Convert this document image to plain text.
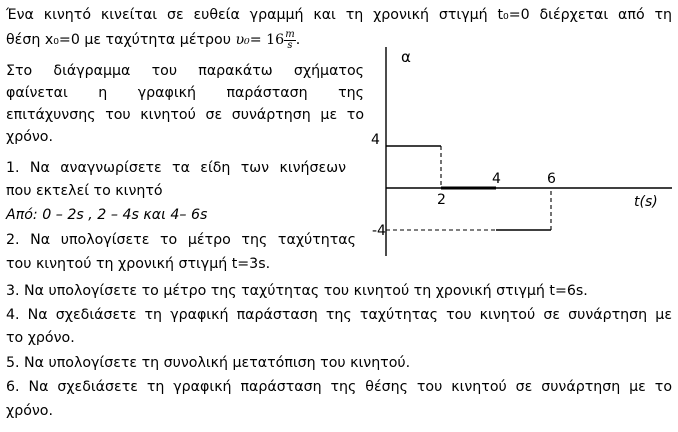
Ένα κινητό κινείται σε ευθεία γραμμή και τη χρονική στιγμή t₀=0 διέρχεται από τη
θέση x₀=0 με ταχύτητα μέτρου $\upsilon_0= 16 \frac{m}{s}$ .
Στο διάγραμμα του παρακάτω σχήματος
φαίνεται η γραφική παράσταση της
επιτάχυνσης του κινητού σε συνάρτηση με το
χρόνο.
1. Να αναγνωρίσετε τα είδη των κινήσεων
που εκτελεί το κινητό
Από: 0 – 2s , 2 – 4s και 4– 6s
2. Να υπολογίσετε το μέτρο της ταχύτητας
του κινητού τη χρονική στιγμή t=3s.
3. Να υπολογίσετε το μέτρο της ταχύτητας του κινητού τη χρονική στιγμή t=6s.
4. Να σχεδιάσετε τη γραφική παράσταση της ταχύτητας του κινητού σε συνάρτηση με
το χρόνο.
5. Να υπολογίσετε τη συνολική μετατόπιση του κινητού.
6. Να σχεδιάσετε τη γραφική παράσταση της θέσης του κινητού σε συνάρτηση με το
χρόνο.
α
t(s)
2
4	6
4
-4
